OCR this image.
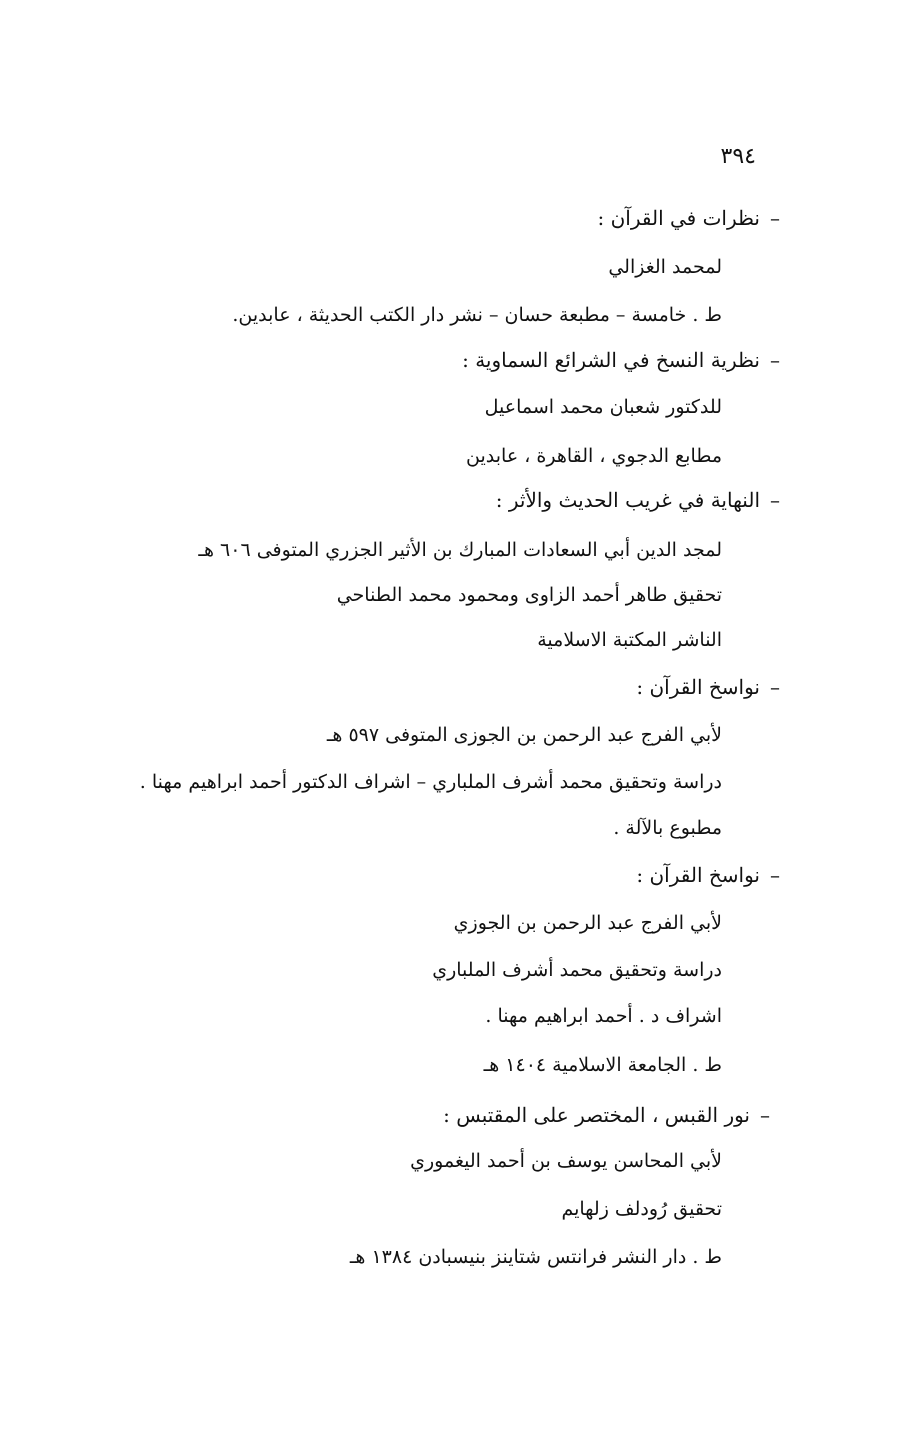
٣٩٤
–نظرات في القرآن :
لمحمد الغزالي
ط . خامسة – مطبعة حسان – نشر دار الكتب الحديثة ، عابدين.
–نظرية النسخ في الشرائع السماوية :
للدكتور شعبان محمد اسماعيل
مطابع الدجوي ، القاهرة ، عابدين
–النهاية في غريب الحديث والأثر :
لمجد الدين أبي السعادات المبارك بن الأثير الجزري المتوفى ٦٠٦ هـ
تحقيق طاهر أحمد الزاوى ومحمود محمد الطناحي
الناشر المكتبة الاسلامية
–نواسخ القرآن :
لأبي الفرج عبد الرحمن بن الجوزى المتوفى ٥٩٧ هـ
دراسة وتحقيق محمد أشرف الملباري – اشراف الدكتور أحمد ابراهيم مهنا .
مطبوع بالآلة .
–نواسخ القرآن :
لأبي الفرج عبد الرحمن بن الجوزي
دراسة وتحقيق محمد أشرف الملباري
اشراف د . أحمد ابراهيم مهنا .
ط . الجامعة الاسلامية ١٤٠٤ هـ
–نور القبس ، المختصر على المقتبس :
لأبي المحاسن يوسف بن أحمد اليغموري
تحقيق رُودلف زلهايم
ط . دار النشر فرانتس شتاينز بنيسبادن ١٣٨٤ هـ
